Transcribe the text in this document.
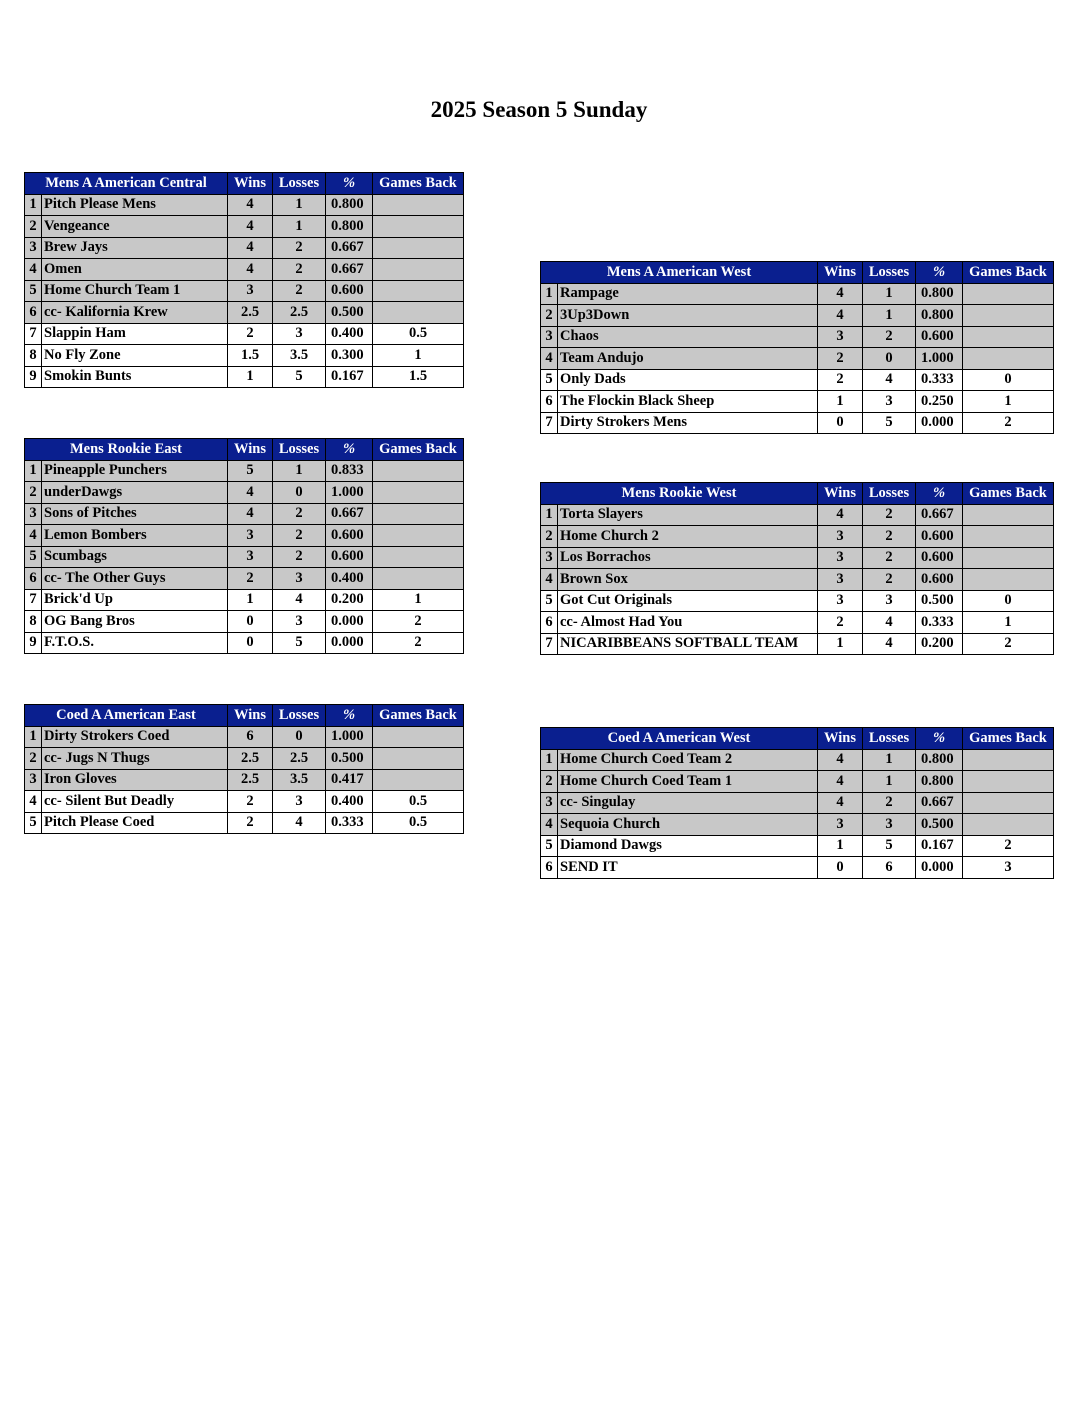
2025 Season 5 Sunday
Mens A American Central		Wins	Losses	%	Games Back
1	Pitch Please Mens	4	1	0.800	
2	Vengeance	4	1	0.800	
3	Brew Jays	4	2	0.667	
4	Omen	4	2	0.667	
5	Home Church Team 1	3	2	0.600	
6	cc- Kalifornia Krew	2.5	2.5	0.500	
7	Slappin Ham	2	3	0.400	0.5
8	No Fly Zone	1.5	3.5	0.300	1
9	Smokin Bunts	1	5	0.167	1.5
Mens A American West		Wins	Losses	%	Games Back
1	Rampage	4	1	0.800	
2	3Up3Down	4	1	0.800	
3	Chaos	3	2	0.600	
4	Team Andujo	2	0	1.000	
5	Only Dads	2	4	0.333	0
6	The Flockin Black Sheep	1	3	0.250	1
7	Dirty Strokers Mens	0	5	0.000	2
Mens Rookie East		Wins	Losses	%	Games Back
1	Pineapple Punchers	5	1	0.833	
2	underDawgs	4	0	1.000	
3	Sons of Pitches	4	2	0.667	
4	Lemon Bombers	3	2	0.600	
5	Scumbags	3	2	0.600	
6	cc- The Other Guys	2	3	0.400	
7	Brick'd Up	1	4	0.200	1
8	OG Bang Bros	0	3	0.000	2
9	F.T.O.S.	0	5	0.000	2
Mens Rookie West		Wins	Losses	%	Games Back
1	Torta Slayers	4	2	0.667	
2	Home Church 2	3	2	0.600	
3	Los Borrachos	3	2	0.600	
4	Brown Sox	3	2	0.600	
5	Got Cut Originals	3	3	0.500	0
6	cc- Almost Had You	2	4	0.333	1
7	NICARIBBEANS SOFTBALL TEAM	1	4	0.200	2
Coed A American East		Wins	Losses	%	Games Back
1	Dirty Strokers Coed	6	0	1.000	
2	cc- Jugs N Thugs	2.5	2.5	0.500	
3	Iron Gloves	2.5	3.5	0.417	
4	cc- Silent But Deadly	2	3	0.400	0.5
5	Pitch Please Coed	2	4	0.333	0.5
Coed A American West		Wins	Losses	%	Games Back
1	Home Church Coed Team 2	4	1	0.800	
2	Home Church Coed Team 1	4	1	0.800	
3	cc- Singulay	4	2	0.667	
4	Sequoia Church	3	3	0.500	
5	Diamond Dawgs	1	5	0.167	2
6	SEND IT	0	6	0.000	3
